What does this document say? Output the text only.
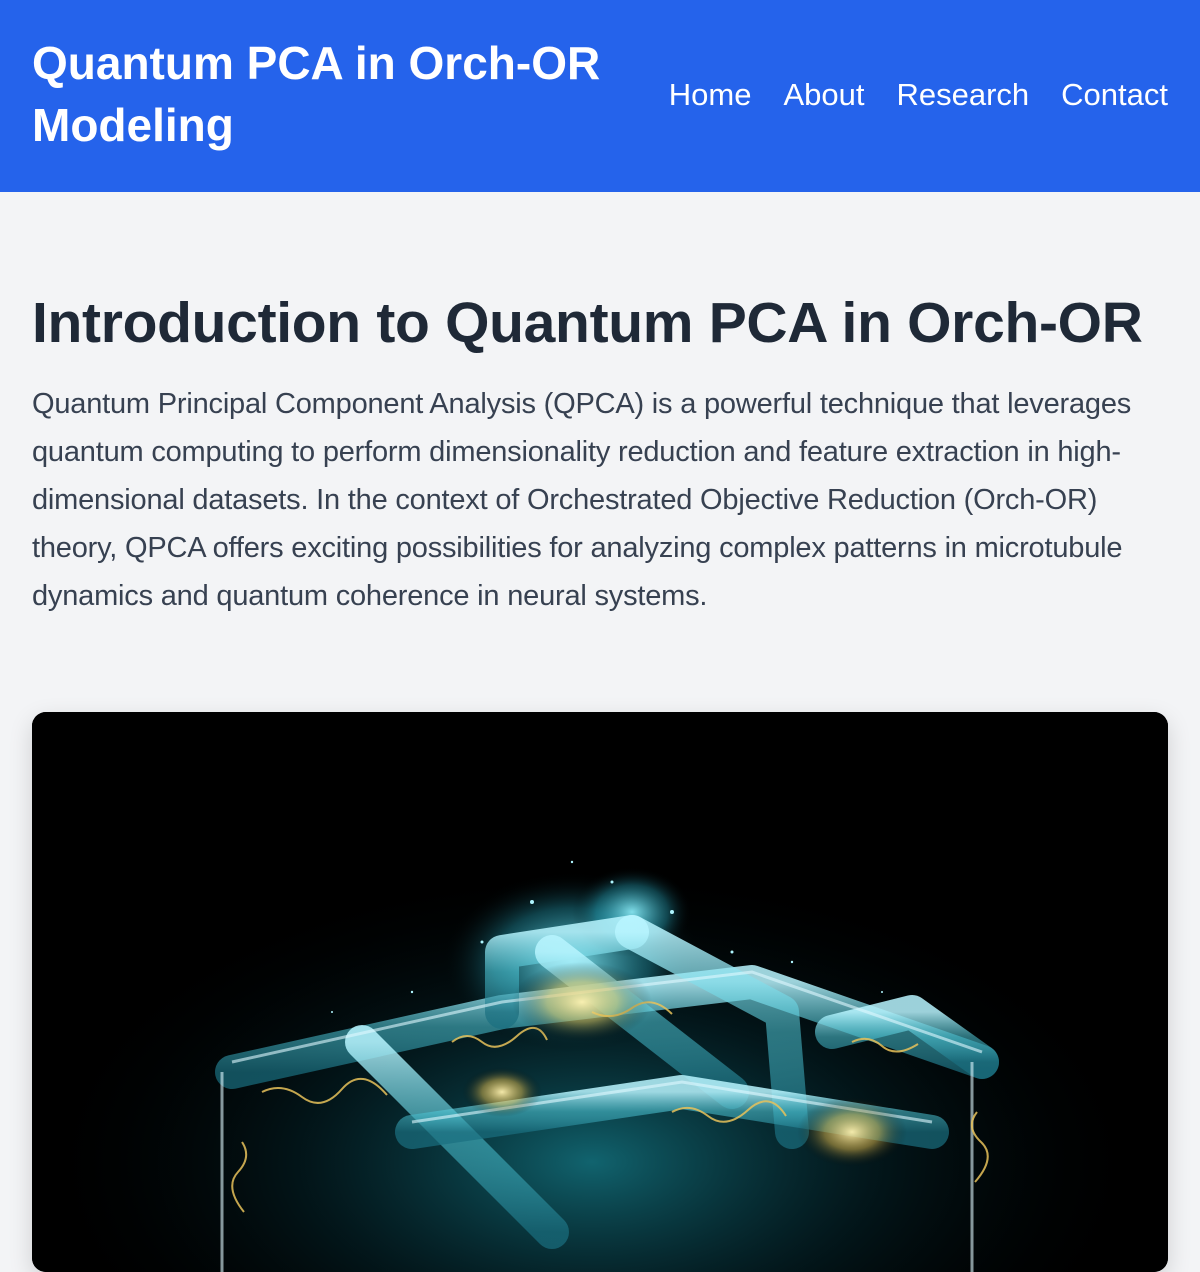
Quantum PCA in Orch-OR Modeling
Home About Research Contact
Introduction to Quantum PCA in Orch-OR

Quantum Principal Component Analysis (QPCA) is a powerful technique that leverages quantum computing to perform dimensionality reduction and feature extraction in high-dimensional datasets. In the context of Orchestrated Objective Reduction (Orch-OR) theory, QPCA offers exciting possibilities for analyzing complex patterns in microtubule dynamics and quantum coherence in neural systems.
